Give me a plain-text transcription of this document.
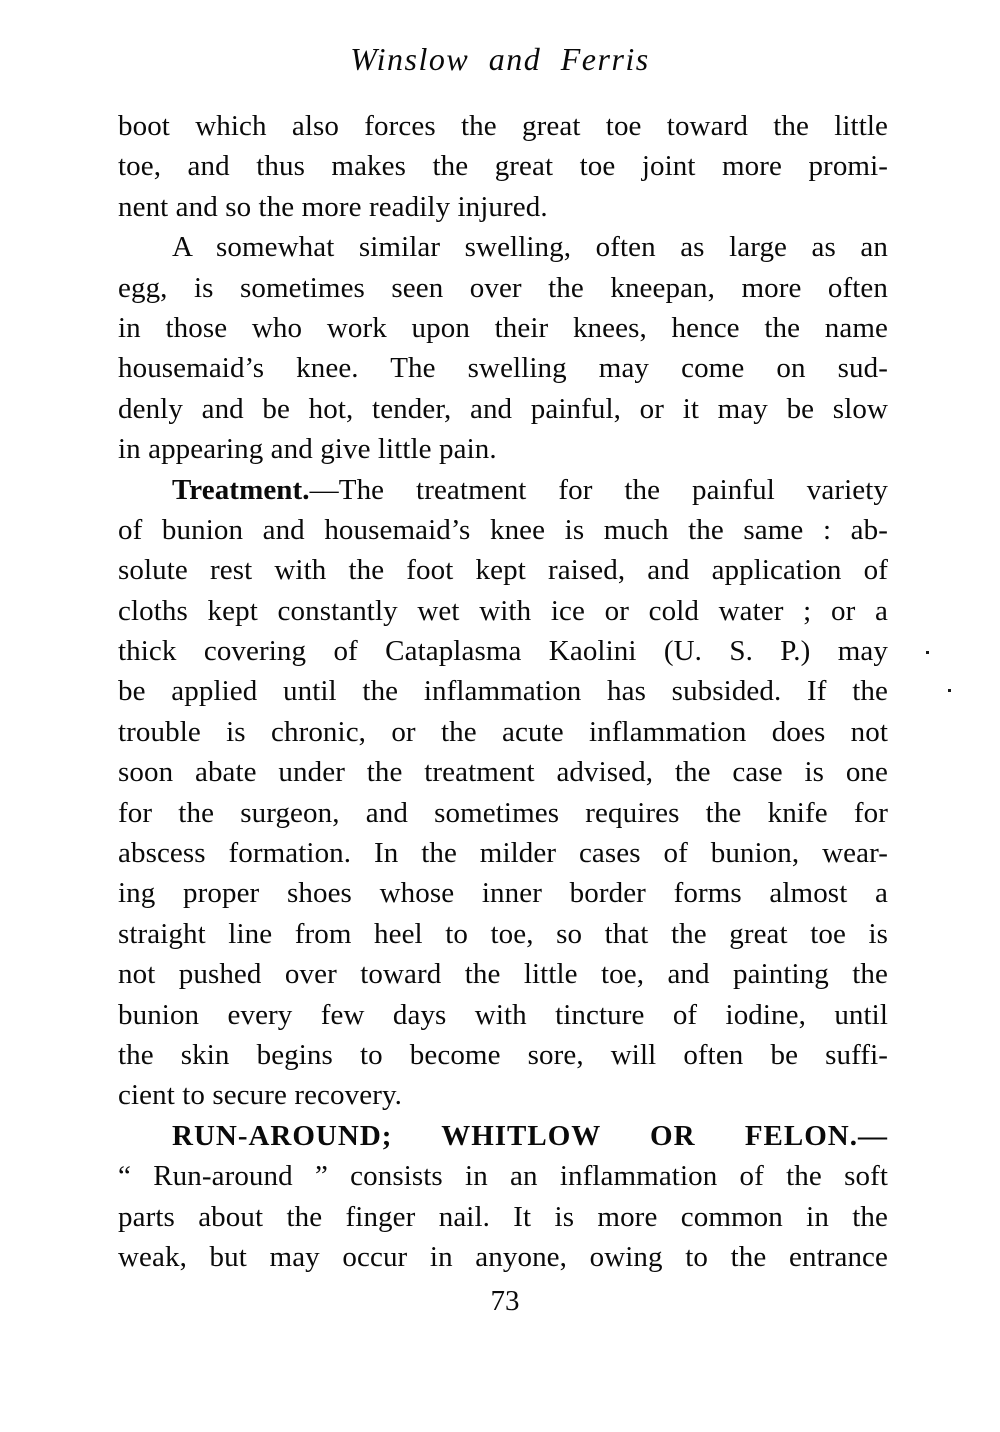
Winslow and Ferris
boot which also forces the great toe toward the little
toe, and thus makes the great toe joint more promi-
nent and so the more readily injured.
A somewhat similar swelling, often as large as an
egg, is sometimes seen over the kneepan, more often
in those who work upon their knees, hence the name
housemaid’s knee. The swelling may come on sud-
denly and be hot, tender, and painful, or it may be slow
in appearing and give little pain.
Treatment.—The treatment for the painful variety
of bunion and housemaid’s knee is much the same : ab-
solute rest with the foot kept raised, and application of
cloths kept constantly wet with ice or cold water ; or a
thick covering of Cataplasma Kaolini (U. S. P.) may
be applied until the inflammation has subsided. If the
trouble is chronic, or the acute inflammation does not
soon abate under the treatment advised, the case is one
for the surgeon, and sometimes requires the knife for
abscess formation. In the milder cases of bunion, wear-
ing proper shoes whose inner border forms almost a
straight line from heel to toe, so that the great toe is
not pushed over toward the little toe, and painting the
bunion every few days with tincture of iodine, until
the skin begins to become sore, will often be suffi-
cient to secure recovery.
RUN-AROUND; WHITLOW OR FELON.—
“ Run-around ” consists in an inflammation of the soft
parts about the finger nail. It is more common in the
weak, but may occur in anyone, owing to the entrance
73
